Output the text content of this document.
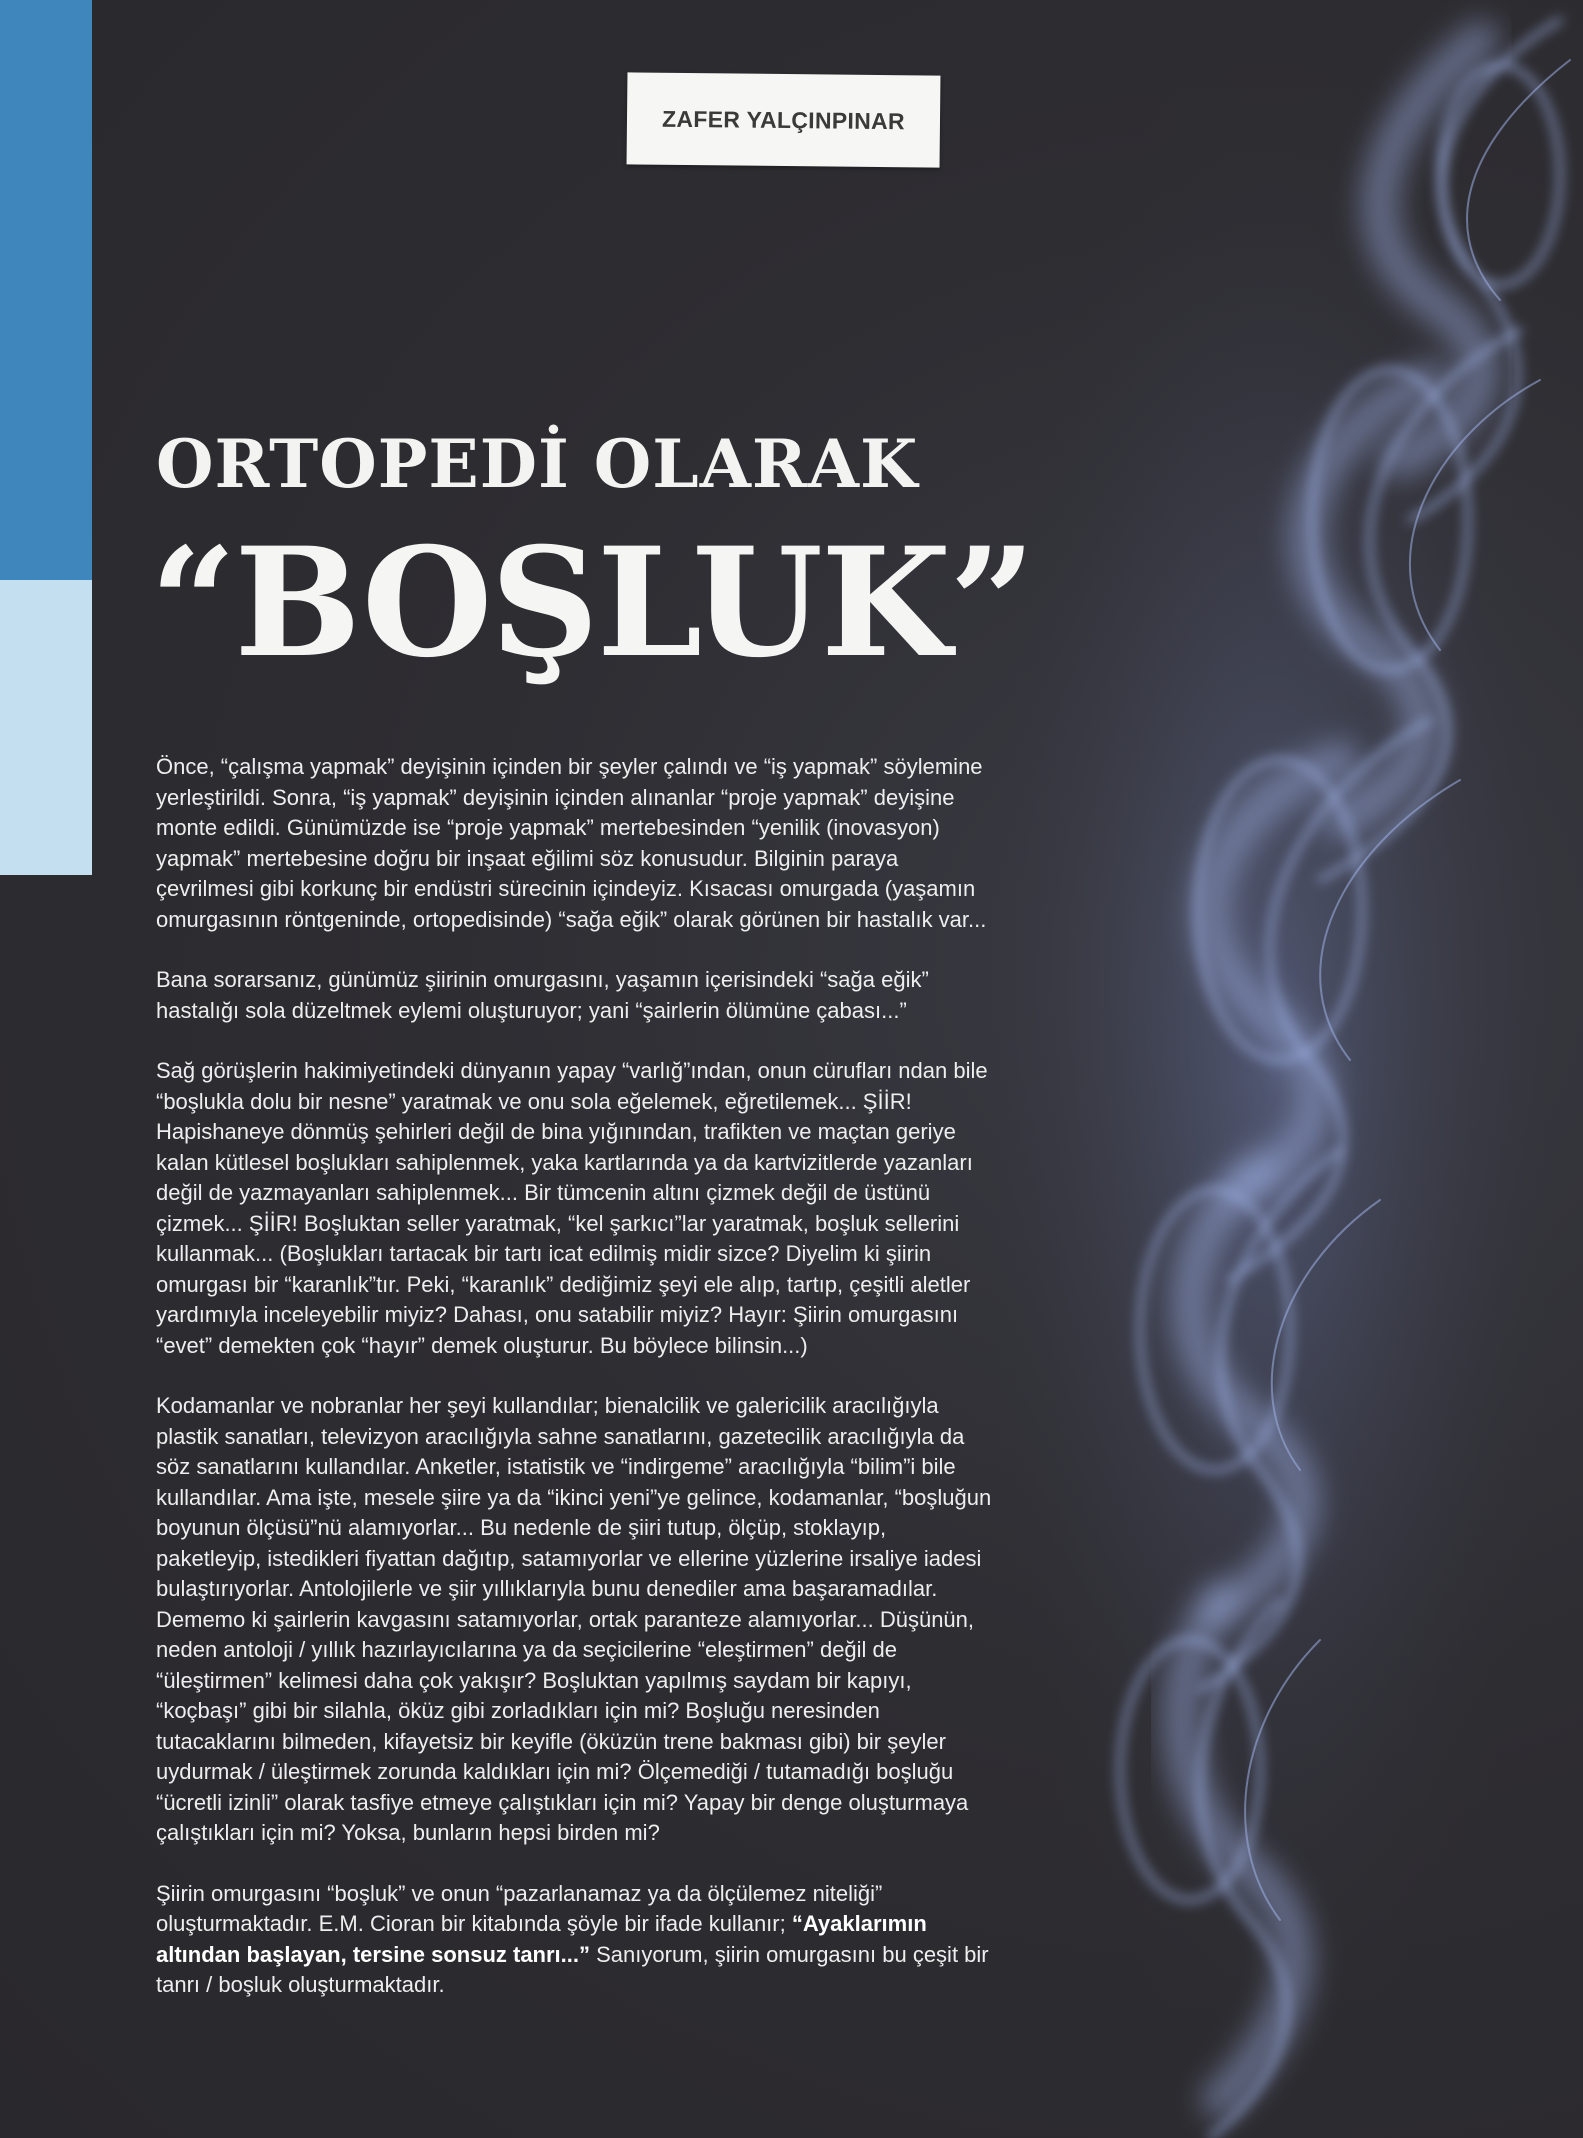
ZAFER YALÇINPINAR
ORTOPEDİ OLARAK
“BOŞLUK”

Önce, “çalışma yapmak” deyişinin içinden bir şeyler çalındı ve “iş yapmak” söylemine yerleştirildi. Sonra, “iş yapmak” deyişinin içinden alınanlar “proje yapmak” deyişine monte edildi. Günümüzde ise “proje yapmak” mertebesinden “yenilik (inovasyon) yapmak” mertebesine doğru bir inşaat eğilimi söz konusudur. Bilginin paraya çevrilmesi gibi korkunç bir endüstri sürecinin içindeyiz. Kısacası omurgada (yaşamın omurgasının röntgeninde, ortopedisinde) “sağa eğik” olarak görünen bir hastalık var...

Bana sorarsanız, günümüz şiirinin omurgasını, yaşamın içerisindeki “sağa eğik” hastalığı sola düzeltmek eylemi oluşturuyor; yani “şairlerin ölümüne çabası...”

Sağ görüşlerin hakimiyetindeki dünyanın yapay “varlığ”ından, onun cürufları ndan bile “boşlukla dolu bir nesne” yaratmak ve onu sola eğelemek, eğretilemek... ŞİİR! Hapishaneye dönmüş şehirleri değil de bina yığınından, trafikten ve maçtan geriye kalan kütlesel boşlukları sahiplenmek, yaka kartlarında ya da kartvizitlerde yazanları değil de yazmayanları sahiplenmek... Bir tümcenin altını çizmek değil de üstünü çizmek... ŞİİR! Boşluktan seller yaratmak, “kel şarkıcı”lar yaratmak, boşluk sellerini kullanmak... (Boşlukları tartacak bir tartı icat edilmiş midir sizce? Diyelim ki şiirin omurgası bir “karanlık”tır. Peki, “karanlık” dediğimiz şeyi ele alıp, tartıp, çeşitli aletler yardımıyla inceleyebilir miyiz? Dahası, onu satabilir miyiz? Hayır: Şiirin omurgasını “evet” demekten çok “hayır” demek oluşturur. Bu böylece bilinsin...)

Kodamanlar ve nobranlar her şeyi kullandılar; bienalcilik ve galericilik aracılığıyla plastik sanatları, televizyon aracılığıyla sahne sanatlarını, gazetecilik aracılığıyla da söz sanatlarını kullandılar. Anketler, istatistik ve “indirgeme” aracılığıyla “bilim”i bile kullandılar. Ama işte, mesele şiire ya da “ikinci yeni”ye gelince, kodamanlar, “boşluğun boyunun ölçüsü”nü alamıyorlar... Bu nedenle de şiiri tutup, ölçüp, stoklayıp, paketleyip, istedikleri fiyattan dağıtıp, satamıyorlar ve ellerine yüzlerine irsaliye iadesi bulaştırıyorlar. Antolojilerle ve şiir yıllıklarıyla bunu denediler ama başaramadılar. Dememo ki şairlerin kavgasını satamıyorlar, ortak paranteze alamıyorlar... Düşünün, neden antoloji / yıllık hazırlayıcılarına ya da seçicilerine “eleştirmen” değil de “üleştirmen” kelimesi daha çok yakışır? Boşluktan yapılmış saydam bir kapıyı, “koçbaşı” gibi bir silahla, öküz gibi zorladıkları için mi? Boşluğu neresinden tutacaklarını bilmeden, kifayetsiz bir keyifle (öküzün trene bakması gibi) bir şeyler uydurmak / üleştirmek zorunda kaldıkları için mi? Ölçemediği / tutamadığı boşluğu “ücretli izinli” olarak tasfiye etmeye çalıştıkları için mi? Yapay bir denge oluşturmaya çalıştıkları için mi? Yoksa, bunların hepsi birden mi?

Şiirin omurgasını “boşluk” ve onun “pazarlanamaz ya da ölçülemez niteliği” oluşturmaktadır. E.M. Cioran bir kitabında şöyle bir ifade kullanır; “Ayaklarımın altından başlayan, tersine sonsuz tanrı...” Sanıyorum, şiirin omurgasını bu çeşit bir tanrı / boşluk oluşturmaktadır.
